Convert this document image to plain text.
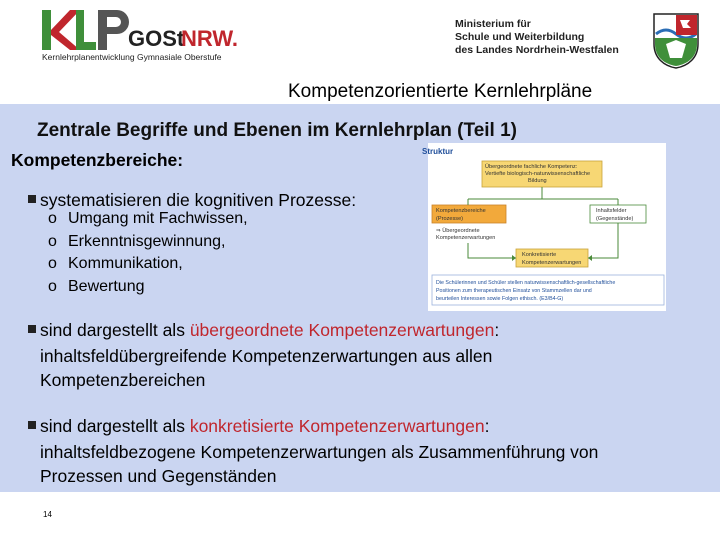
GOSt
NRW.
Kernlehrplanentwicklung Gymnasiale Oberstufe
Ministerium für
Schule und Weiterbildung
des Landes Nordrhein-Westfalen
Kompetenzorientierte Kernlehrpläne
Zentrale Begriffe und Ebenen im Kernlehrplan (Teil 1)
Kompetenzbereiche:
systematisieren die kognitiven Prozesse:
o Umgang mit Fachwissen,
o Erkenntnisgewinnung,
o Kommunikation,
o Bewertung
sind dargestellt als übergeordnete Kompetenzerwartungen:
inhaltsfeldübergreifende Kompetenzerwartungen aus allen
Kompetenzbereichen
sind dargestellt als konkretisierte Kompetenzerwartungen:
inhaltsfeldbezogene Kompetenzerwartungen als Zusammenführung von
Prozessen und Gegenständen
Struktur
Übergeordnete fachliche Kompetenz: Vertiefte biologisch-naturwissenschaftliche Bildung
Kompetenzbereiche (Prozesse)
⇒ Übergeordnete Kompetenzerwartungen
Inhaltsfelder (Gegenstände)
Konkretisierte Kompetenzerwartungen
Die Schülerinnen und Schüler stellen naturwissenschaftlich-gesellschaftliche Positionen zum therapeutischen Einsatz von Stammzellen dar und beurteilen Interessen sowie Folgen ethisch. (E3/B4-G)
14
